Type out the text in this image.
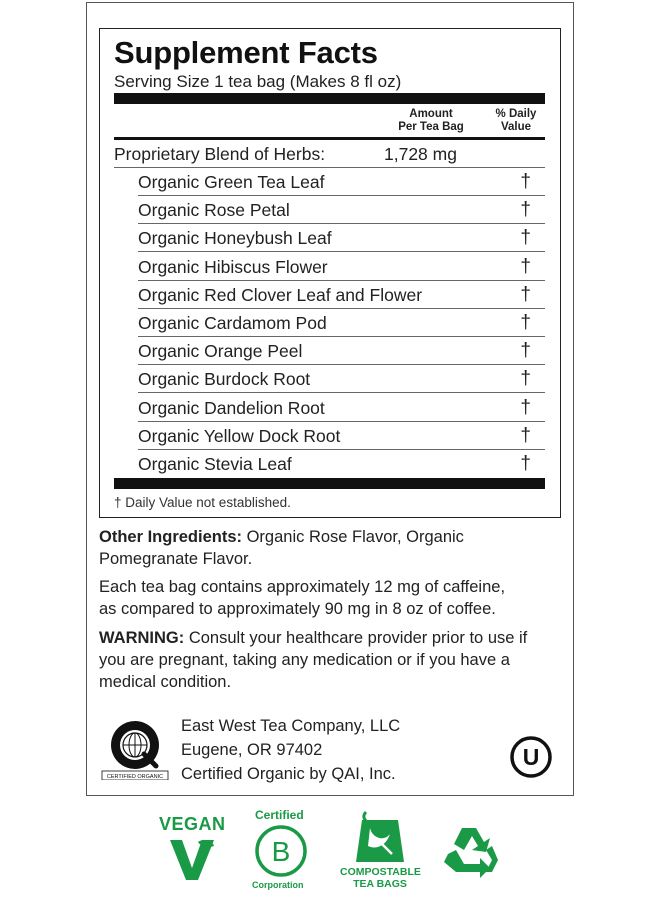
Supplement Facts
Serving Size 1 tea bag (Makes 8 fl oz)
Amount
Per Tea Bag
% Daily
Value
Proprietary Blend of Herbs:	1,728 mg
Organic Green Tea Leaf	†
Organic Rose Petal	†
Organic Honeybush Leaf	†
Organic Hibiscus Flower	†
Organic Red Clover Leaf and Flower	†
Organic Cardamom Pod	†
Organic Orange Peel	†
Organic Burdock Root	†
Organic Dandelion Root	†
Organic Yellow Dock Root	†
Organic Stevia Leaf	†
† Daily Value not established.
Other Ingredients: Organic Rose Flavor, Organic
Pomegranate Flavor.
Each tea bag contains approximately 12 mg of caffeine,
as compared to approximately 90 mg in 8 oz of coffee.
WARNING: Consult your healthcare provider prior to use if
you are pregnant, taking any medication or if you have a
medical condition.
CERTIFIED ORGANIC
East West Tea Company, LLC
Eugene, OR 97402
Certified Organic by QAI, Inc.
U
VEGAN Certified
B
Corporation
COMPOSTABLE
TEA BAGS
